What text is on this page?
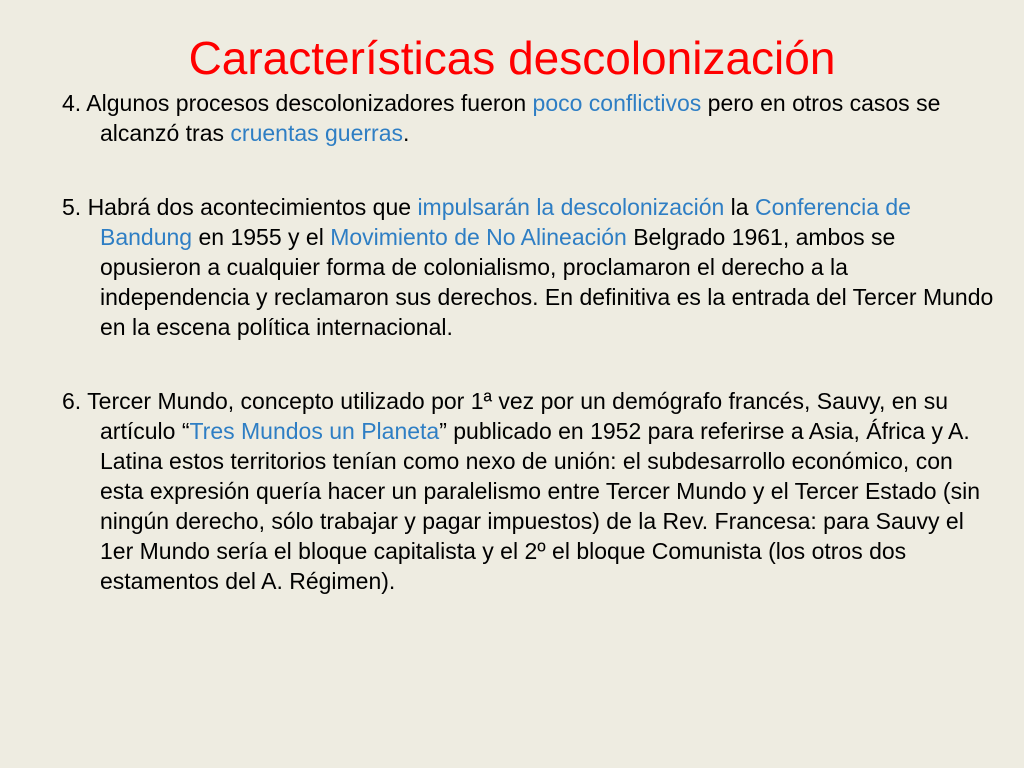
Características descolonización

4. Algunos procesos descolonizadores fueron poco conflictivos pero en otros casos se alcanzó tras cruentas guerras.

5. Habrá dos acontecimientos que impulsarán la descolonización la Conferencia de Bandung en 1955 y el Movimiento de No Alineación Belgrado 1961, ambos se opusieron a cualquier forma de colonialismo, proclamaron el derecho a la independencia y reclamaron sus derechos. En definitiva es la entrada del Tercer Mundo en la escena política internacional.

6. Tercer Mundo, concepto utilizado por 1ª vez por un demógrafo francés, Sauvy, en su artículo “Tres Mundos un Planeta” publicado en 1952 para referirse a Asia, África y A. Latina estos territorios tenían como nexo de unión: el subdesarrollo económico, con esta expresión quería hacer un paralelismo entre Tercer Mundo y el Tercer Estado (sin ningún derecho, sólo trabajar y pagar impuestos) de la Rev. Francesa: para Sauvy el 1er Mundo sería el bloque capitalista y el 2º el bloque Comunista (los otros dos estamentos del A. Régimen).
